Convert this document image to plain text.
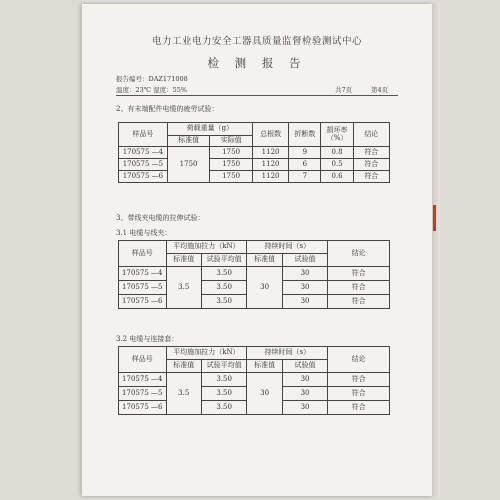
电力工业电力安全工器具质量监督检验测试中心
检 测 报 告
报告编号：DAZ171008
温度：23℃ 湿度：55%	共7页	第4页
2、有末端配件电缆的疲劳试验：
样品号	荷载重量（g）		总根数	折断数	损坏率（%）	结论
	标准值	实际值				
170575 —4	1750	1750	1120	9	0.8	符合
170575 —5		1750	1120	6	0.5	符合
170575 —6		1750	1120	7	0.6	符合
3、带线夹电缆的拉伸试验：
3.1 电缆与线夹：
样品号	平均施加拉力（kN）		持续时间（s）		结论
	标准值	试验平均值	标准值	试验值	
170575 —4	3.5	3.50	30	30	符合
170575 —5		3.50		30	符合
170575 —6		3.50		30	符合
3.2 电缆与连接套：
样品号	平均施加拉力（kN）		持续时间（s）		结论
	标准值	试验平均值	标准值	试验值	
170575 —4	3.5	3.50	30	30	符合
170575 —5		3.50		30	符合
170575 —6		3.50		30	符合
